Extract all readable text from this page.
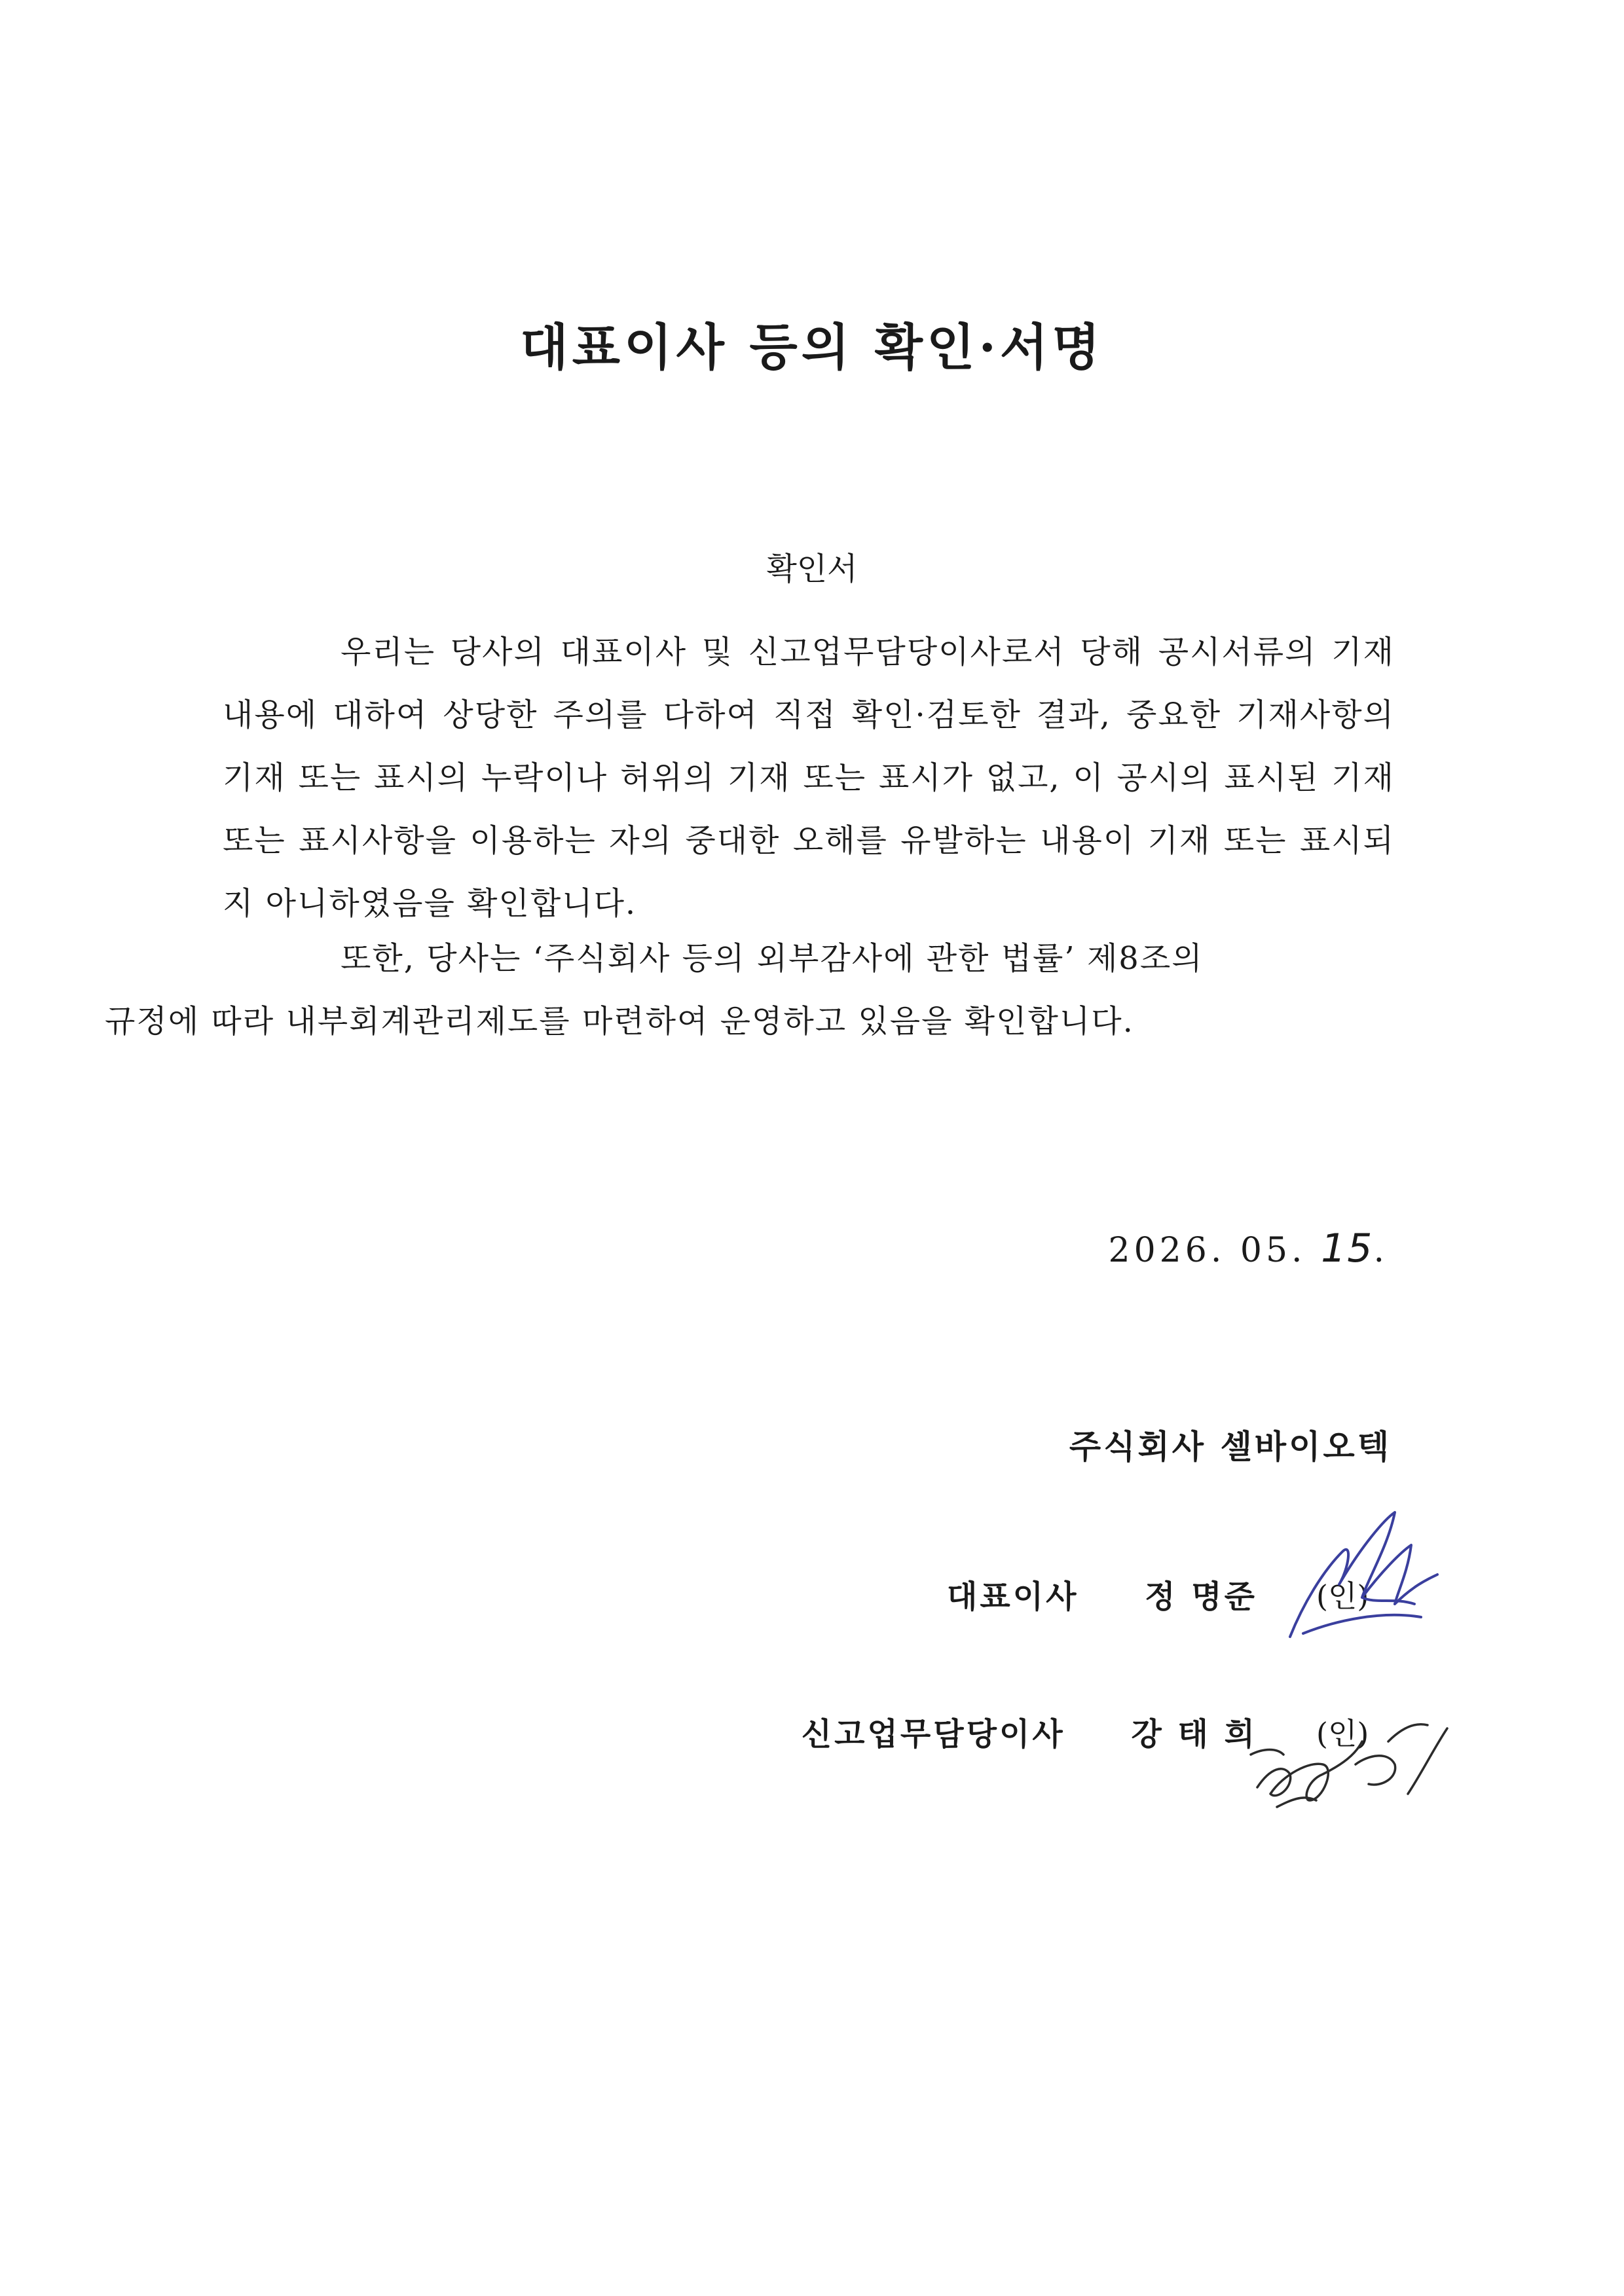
대표이사 등의 확인·서명
확인서

우리는 당사의 대표이사 및 신고업무담당이사로서 당해 공시서류의 기재내용에 대하여 상당한 주의를 다하여 직접 확인·검토한 결과, 중요한 기재사항의 기재 또는 표시의 누락이나 허위의 기재 또는 표시가 없고, 이 공시의 표시된 기재 또는 표시사항을 이용하는 자의 중대한 오해를 유발하는 내용이 기재 또는 표시되지 아니하였음을 확인합니다.

또한, 당사는 ‘주식회사 등의 외부감사에 관한 법률’ 제8조의
규정에 따라 내부회계관리제도를 마련하여 운영하고 있음을 확인합니다.

2026. 05. 15.
주식회사 셀바이오텍
대표이사 정 명준 (인)
신고업무담당이사 강 태 희 (인)
